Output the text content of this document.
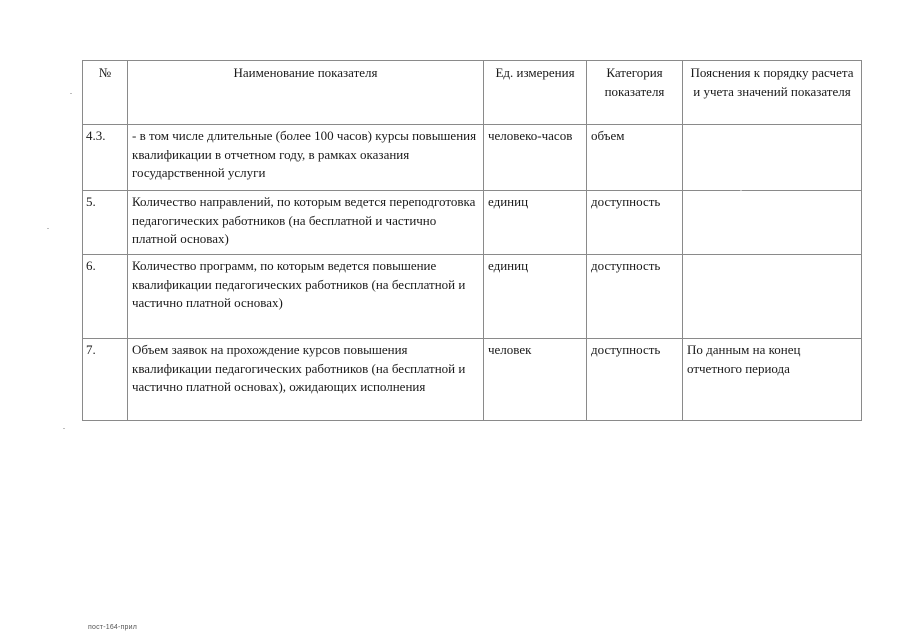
№	Наименование показателя	Ед. измерения	Категория показателя	Пояснения к порядку расчета и учета значений показателя
4.3.	- в том числе длительные (более 100 часов) курсы повышения квалификации в отчетном году, в рамках оказания государственной услуги	человеко-часов	объем	
5.	Количество направлений, по которым ведется переподготовка педагогических работников (на бесплатной и частично платной основах)	единиц	доступность	
6.	Количество программ, по которым ведется повышение квалификации педагогических работников (на бесплатной и частично платной основах)	единиц	доступность	
7.	Объем заявок на прохождение курсов повышения квалификации педагогических работников (на бесплатной и частично платной основах), ожидающих исполнения	человек	доступность	По данным на конец отчетного периода
пост-164-прил
